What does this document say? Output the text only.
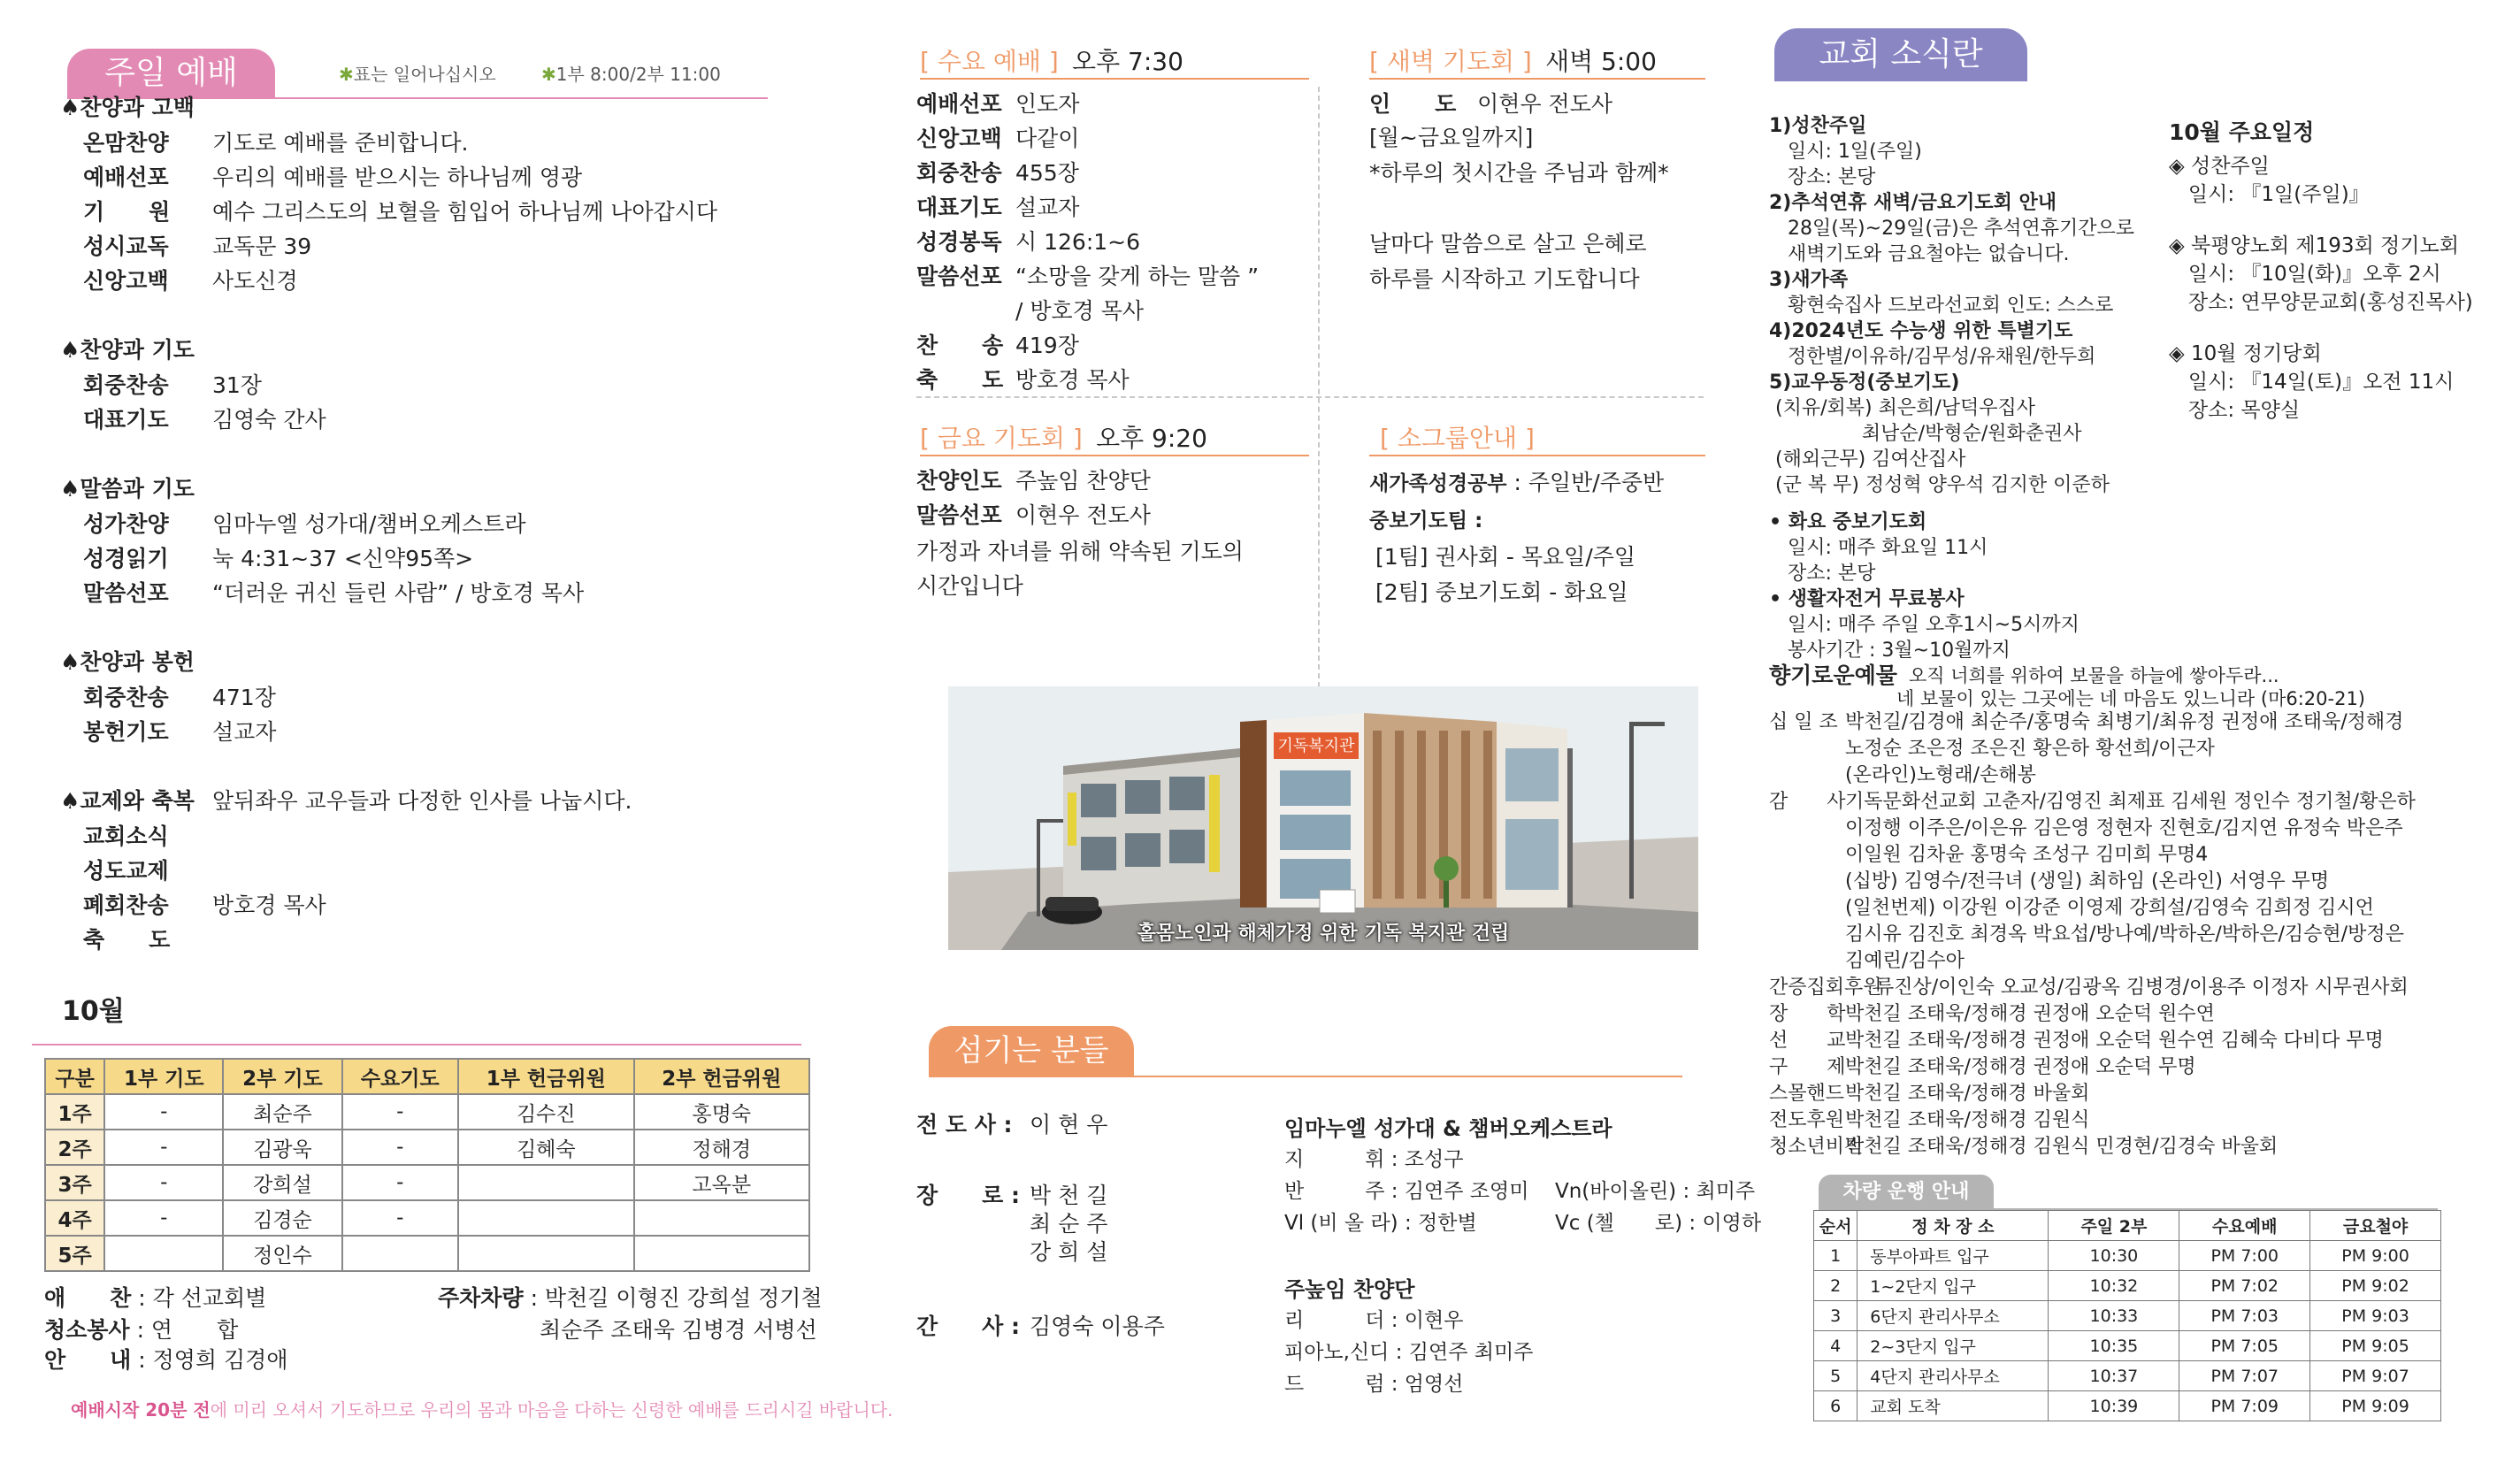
주일 예배	✱표는 일어나십시오	✱1부 8:00/2부 11:00
♠찬양과 고백
온맘찬양 기도로 예배를 준비합니다.
예배선포 우리의 예배를 받으시는 하나님께 영광
기　　원 예수 그리스도의 보혈을 힘입어 하나님께 나아갑시다
성시교독 교독문 39
신앙고백 사도신경
♠찬양과 기도
회중찬송 31장
대표기도 김영숙 간사
♠말씀과 기도
성가찬양 임마누엘 성가대/챔버오케스트라
성경읽기 눅 4:31~37 <신약95쪽>
말씀선포 “더러운 귀신 들린 사람” / 방호경 목사
♠찬양과 봉헌
회중찬송 471장
봉헌기도 설교자
♠교제와 축복 앞뒤좌우 교우들과 다정한 인사를 나눕시다.
교회소식
성도교제
폐회찬송 방호경 목사
축　　도
10월
예배청지기
구분	1부 기도	2부 기도	수요기도	1부 헌금위원	2부 헌금위원
1주	-	최순주	-	김수진	홍명숙
2주	-	김광욱	-	김혜숙	정해경
3주	-	강희설	-		고옥분
4주	-	김경순	-		
5주		정인수			
애　　찬 : 각 선교회별	주차차량 : 박천길 이형진 강희설 정기철
최순주 조태욱 김병경 서병선
청소봉사 : 연　　합
안　　내 : 정영희 김경애
예배시작 20분 전에 미리 오셔서 기도하므로 우리의 몸과 마음을 다하는 신령한 예배를 드리시길 바랍니다.
[ 수요 예배 ] 오후 7:30
예배선포 인도자
신앙고백 다같이
회중찬송 455장
대표기도 설교자
성경봉독 시 126:1~6
말씀선포 “소망을 갖게 하는 말씀 ”
/ 방호경 목사
찬　　송 419장
축　　도 방호경 목사
[ 새벽 기도회 ] 새벽 5:00
인　　도 이현우 전도사
[월~금요일까지]
*하루의 첫시간을 주님과 함께*
날마다 말씀으로 살고 은혜로
하루를 시작하고 기도합니다
[ 금요 기도회 ] 오후 9:20
찬양인도 주높임 찬양단
말씀선포 이현우 전도사
가정과 자녀를 위해 약속된 기도의
시간입니다
[ 소그룹안내 ]
새가족성경공부 : 주일반/주중반
중보기도팀 :
[1팀] 권사회 - 목요일/주일
[2팀] 중보기도회 - 화요일
기독복지관
홀몸노인과 해체가정 위한 기독 복지관 건립
섬기는 분들
전 도 사 : 이 현 우
장　　로 : 박 천 길
최 순 주
강 희 설
간　　사 : 김영숙 이용주
임마누엘 성가대 & 챔버오케스트라
지　　　휘 : 조성구
반　　　주 : 김연주 조영미 Vn(바이올린) : 최미주
Vl (비 올 라) : 정한별	Vc (첼　　로) : 이영하
주높임 찬양단
리　　　더 : 이현우
피아노,신디 : 김연주 최미주
드　　　럼 : 엄영선
교회 소식란
1)성찬주일
일시: 1일(주일)
장소: 본당
2)추석연휴 새벽/금요기도회 안내
28일(목)~29일(금)은 추석연휴기간으로
새벽기도와 금요철야는 없습니다.
3)새가족
황현숙집사 드보라선교회 인도: 스스로
4)2024년도 수능생 위한 특별기도
정한별/이유하/김무성/유채원/한두희
5)교우동정(중보기도)
(치유/회복) 최은희/남덕우집사
최남순/박형순/원화춘권사
(해외근무) 김여산집사
(군 복 무) 정성혁 양우석 김지한 이준하
10월 주요일정
◈ 성찬주일
일시: 『1일(주일)』
◈ 북평양노회 제193회 정기노회
일시: 『10일(화)』오후 2시
장소: 연무양문교회(홍성진목사)
◈ 10월 정기당회
일시: 『14일(토)』오전 11시
장소: 목양실
• 화요 중보기도회
일시: 매주 화요일 11시
장소: 본당
• 생활자전거 무료봉사
일시: 매주 주일 오후1시~5시까지
봉사기간 : 3월~10월까지
향기로운예물 오직 너희를 위하여 보물을 하늘에 쌓아두라...
네 보물이 있는 그곳에는 네 마음도 있느니라 (마6:20-21)
십 일 조 박천길/김경애 최순주/홍명숙 최병기/최유정 권정애 조태욱/정해경
노정순 조은정 조은진 황은하 황선희/이근자
(온라인)노형래/손해봉
감　　사 기독문화선교회 고춘자/김영진 최제표 김세원 정인수 정기철/황은하
이정행 이주은/이은유 김은영 정현자 진현호/김지연 유정숙 박은주
이일원 김차윤 홍명숙 조성구 김미희 무명4
(십방) 김영수/전극녀 (생일) 최하임 (온라인) 서영우 무명
(일천번제) 이강원 이강준 이영제 강희설/김영숙 김희정 김시언
김시유 김진호 최경옥 박요섭/방나예/박하온/박하은/김승현/방정은
김예린/김수아
간증집회후원
류진상/이인숙 오교성/김광옥 김병경/이용주 이정자 시무권사회
장　　학 박천길 조태욱/정해경 권정애 오순덕 원수연
선　　교 박천길 조태욱/정해경 권정애 오순덕 원수연 김혜숙 다비다 무명
구　　제 박천길 조태욱/정해경 권정애 오순덕 무명
스몰핸드 박천길 조태욱/정해경 바울회
전도후원 박천길 조태욱/정해경 김원식
청소년비전
박천길 조태욱/정해경 김원식 민경현/김경숙 바울회
차량 운행 안내
순서	정 차 장 소	주일 2부	수요예배	금요철야
1	동부아파트 입구	10:30	PM 7:00	PM 9:00
2	1~2단지 입구	10:32	PM 7:02	PM 9:02
3	6단지 관리사무소	10:33	PM 7:03	PM 9:03
4	2~3단지 입구	10:35	PM 7:05	PM 9:05
5	4단지 관리사무소	10:37	PM 7:07	PM 9:07
6	교회 도착	10:39	PM 7:09	PM 9:09
